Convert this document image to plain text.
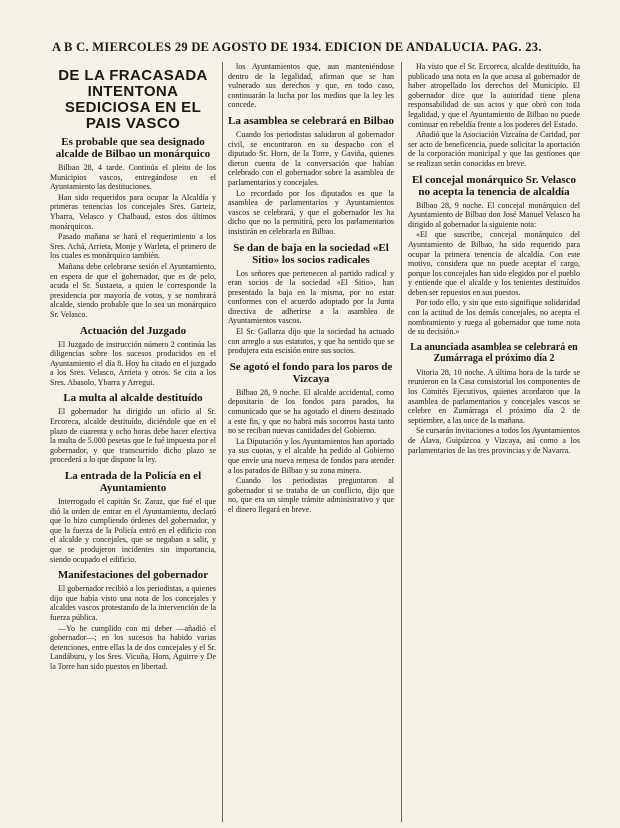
A B C. MIERCOLES 29 DE AGOSTO DE 1934. EDICION DE ANDALUCIA. PAG. 23.
DE LA FRACASADA INTENTONA SEDICIOSA EN EL PAIS VASCO
Es probable que sea designado alcalde de Bilbao un monárquico

Bilbao 28, 4 tarde. Continúa el pleito de los Municipios vascos, entregándose en el Ayuntamiento las destituciones.

Han sido requeridos para ocupar la Alcaldía y primeras tenencias los concejales Sres. Garteiz, Ybarra, Velasco y Chalbaud, estos dos últimos monárquicos.

Pasado mañana se hará el requerimiento a los Sres. Achá, Arrieta, Monje y Warleta, el primero de los cuales es monárquico también.

Mañana debe celebrarse sesión el Ayuntamiento, en espera de que el gobernador, que es de pelo, acuda el Sr. Sustaeta, a quien le corresponde la presidencia por mayoría de votos, y se nombrará alcalde, siendo probable que lo sea un monárquico Sr. Velasco.

Actuación del Juzgado

El Juzgado de instrucción número 2 continúa las diligencias sobre los sucesos producidos en el Ayuntamiento el día 8. Hoy ha citado en el juzgado a los Sres. Velasco, Arrieta y otros. Se cita a los Sres. Abasolo, Ybarra y Arregui.

La multa al alcalde destituído

El gobernador ha dirigido un oficio al Sr. Ercoreca, alcalde destituído, diciéndole que en el plazo de cuarenta y ocho horas debe hacer efectiva la multa de 5.000 pesetas que le fué impuesta por el gobernador, y que transcurrido dicho plazo se procederá a lo que dispone la ley.

La entrada de la Policía en el Ayuntamiento

Interrogado el capitán Sr. Zaraz, que fué el que dió la orden de entrar en el Ayuntamiento, declaró que lo hizo cumpliendo órdenes del gobernador, y que la fuerza de la Policía entró en el edificio con el alcalde y concejales, que se negaban a salir, y que se produjeron incidentes sin importancia, siendo ocupado el edificio.

Manifestaciones del gobernador

El gobernador recibió a los periodistas, a quienes dijo que había visto una nota de los concejales y alcaldes vascos protestando de la intervención de la fuerza pública.

—Yo he cumplido con mi deber —añadió el gobernador—; en los sucesos ha habido varias detenciones, entre ellas la de dos concejales y el Sr. Landáburu, y los Sres. Vicuña, Horn, Aguirre y De la Torre han sido puestos en libertad.

los Ayuntamientos que, aun manteniéndose dentro de la legalidad, afirman que se han vulnerado sus derechos y que, en todo caso, continuarán la lucha por los medios que la ley les concede.

La asamblea se celebrará en Bilbao

Cuando los periodistas saludaron al gobernador civil, se encontraron en su despacho con el diputado Sr. Horn, de la Torre, y Gaviña, quienes dieron cuenta de la conversación que habían celebrado con el gobernador sobre la asamblea de parlamentarios y concejales.

Lo recordado por los diputados es que la asamblea de parlamentarios y Ayuntamientos vascos se celebrará, y que el gobernador les ha dicho que no la permitirá, pero los parlamentarios insistirán en celebrarla en Bilbao.

Se dan de baja en la sociedad «El Sitio» los socios radicales

Los señores que pertenecen al partido radical y eran socios de la sociedad «El Sitio», han presentado la baja en la misma, por no estar conformes con el acuerdo adoptado por la Junta directiva de adherirse a la asamblea de Ayuntamientos vascos.

El Sr. Gallarza dijo que la sociedad ha actuado con arreglo a sus estatutos, y que ha sentido que se produjera esta escisión entre sus socios.

Se agotó el fondo para los paros de Vizcaya

Bilbao 28, 9 noche. El alcalde accidental, como depositario de los fondos para parados, ha comunicado que se ha agotado el dinero destinado a este fin, y que no habrá más socorros hasta tanto no se reciban nuevas cantidades del Gobierno.

La Diputación y los Ayuntamientos han aportado ya sus cuotas, y el alcalde ha pedido al Gobierno que envíe una nueva remesa de fondos para atender a los parados de Bilbao y su zona minera.

Cuando los periodistas preguntaron al gobernador si se trataba de un conflicto, dijo que no, que era un simple trámite administrativo y que el dinero llegará en breve.

Ha visto que el Sr. Ercoreca, alcalde destituído, ha publicado una nota en la que acusa al gobernador de haber atropellado los derechos del Municipio. El gobernador dice que la autoridad tiene plena responsabilidad de sus actos y que obró con toda legalidad, y que el Ayuntamiento de Bilbao no puede continuar en rebeldía frente a los poderes del Estado.

Añadió que la Asociación Vizcaína de Caridad, por ser acto de beneficencia, puede solicitar la aportación de la corporación municipal y que las gestiones que se realizan serán conocidas en breve.

El concejal monárquico Sr. Velasco no acepta la tenencia de alcaldía

Bilbao 28, 9 noche. El concejal monárquico del Ayuntamiento de Bilbao don José Manuel Velasco ha dirigido al gobernador la siguiente nota:

«El que suscribe, concejal monárquico del Ayuntamiento de Bilbao, ha sido requerido para ocupar la primera tenencia de alcaldía. Con este motivo, considera que no puede aceptar el cargo, porque los concejales han sido elegidos por el pueblo y entiende que el alcalde y los tenientes destituídos deben ser repuestos en sus puestos.

Por todo ello, y sin que esto signifique solidaridad con la actitud de los demás concejales, no acepta el nombramiento y ruega al gobernador que tome nota de su decisión.»

La anunciada asamblea se celebrará en Zumárraga el próximo día 2

Vitoria 28, 10 noche. A última hora de la tarde se reunieron en la Casa consistorial los componentes de los Comités Ejecutivos, quienes acordaron que la asamblea de parlamentarios y concejales vascos se celebre en Zumárraga el próximo día 2 de septiembre, a las once de la mañana.

Se cursarán invitaciones a todos los Ayuntamientos de Álava, Guipúzcoa y Vizcaya, así como a los parlamentarios de las tres provincias y de Navarra.
